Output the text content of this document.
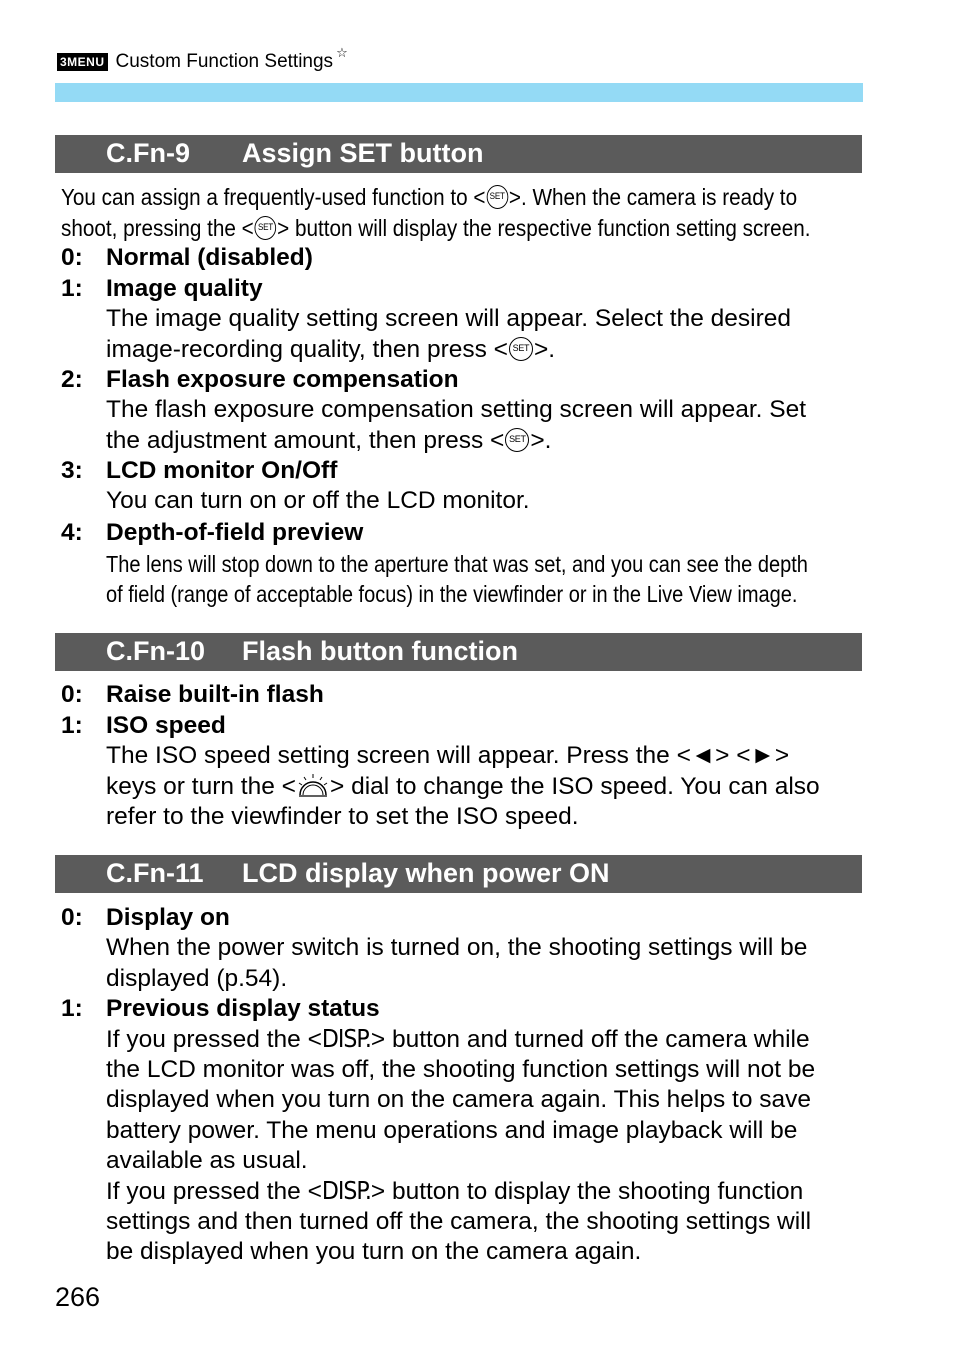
3MENU Custom Function Settings ☆
C.Fn-9 Assign SET button
You can assign a frequently-used function to < SET >. When the camera is ready to
shoot, pressing the < SET > button will display the respective function setting screen.
0: Normal (disabled)
1: Image quality
The image quality setting screen will appear. Select the desired
image-recording quality, then press < SET >.
2: Flash exposure compensation
The flash exposure compensation setting screen will appear. Set
the adjustment amount, then press < SET >.
3: LCD monitor On/Off
You can turn on or off the LCD monitor.
4: Depth-of-field preview
The lens will stop down to the aperture that was set, and you can see the depth
of field (range of acceptable focus) in the viewfinder or in the Live View image.
C.Fn-10 Flash button function
0: Raise built-in flash
1: ISO speed
The ISO speed setting screen will appear. Press the <◄> <►>
keys or turn the < > dial to change the ISO speed. You can also
refer to the viewfinder to set the ISO speed.
C.Fn-11 LCD display when power ON
0: Display on
When the power switch is turned on, the shooting settings will be
displayed (p.54).
1: Previous display status
If you pressed the <DISP.> button and turned off the camera while
the LCD monitor was off, the shooting function settings will not be
displayed when you turn on the camera again. This helps to save
battery power. The menu operations and image playback will be
available as usual.
If you pressed the <DISP.> button to display the shooting function
settings and then turned off the camera, the shooting settings will
be displayed when you turn on the camera again.
266
